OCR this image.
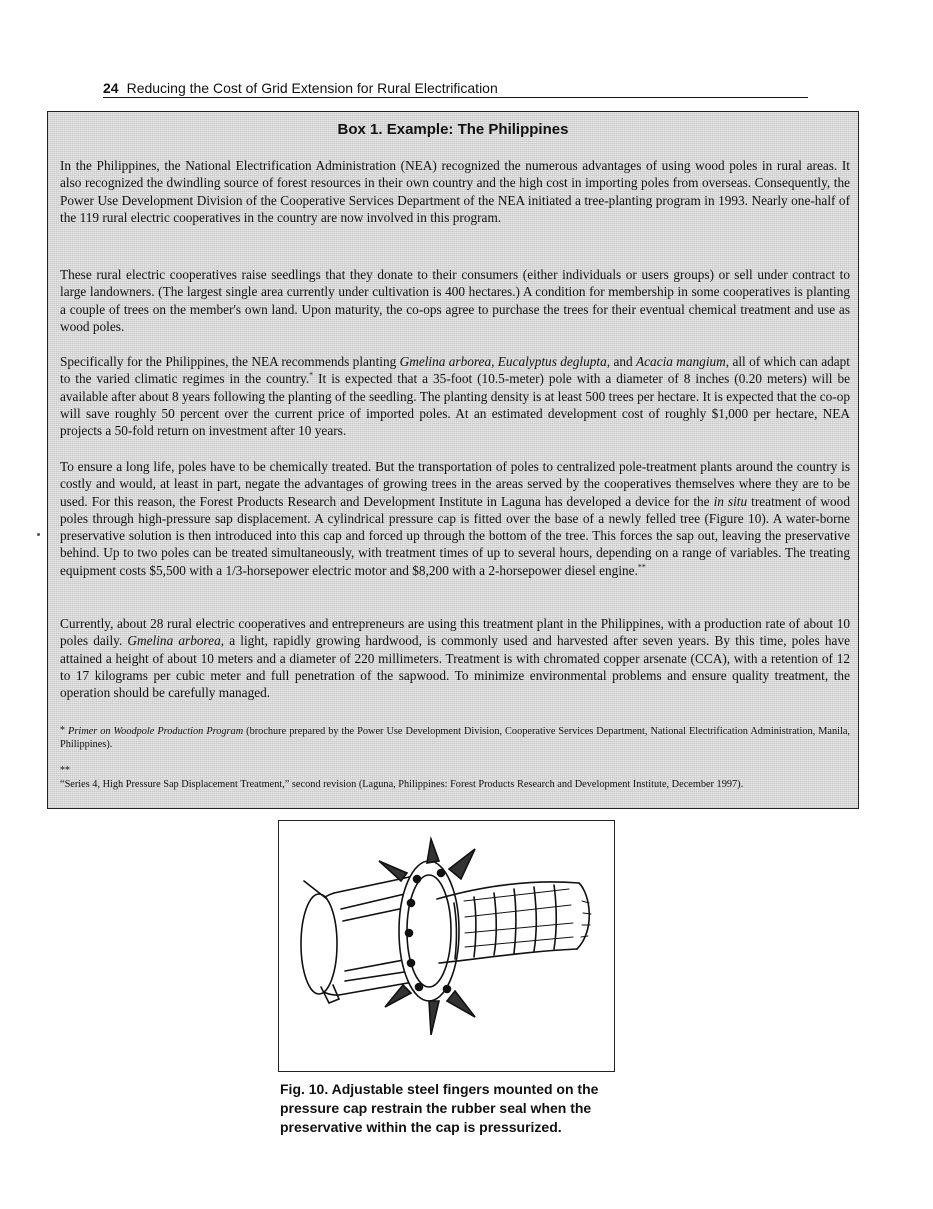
24 Reducing the Cost of Grid Extension for Rural Electrification
Box 1. Example: The Philippines

In the Philippines, the National Electrification Administration (NEA) recognized the numerous advantages of using wood poles in rural areas. It also recognized the dwindling source of forest resources in their own country and the high cost in importing poles from overseas. Consequently, the Power Use Development Division of the Cooperative Services Department of the NEA initiated a tree-planting program in 1993. Nearly one-half of the 119 rural electric cooperatives in the country are now involved in this program.

These rural electric cooperatives raise seedlings that they donate to their consumers (either individuals or users groups) or sell under contract to large landowners. (The largest single area currently under cultivation is 400 hectares.) A condition for membership in some cooperatives is planting a couple of trees on the member's own land. Upon maturity, the co-ops agree to purchase the trees for their eventual chemical treatment and use as wood poles.

Specifically for the Philippines, the NEA recommends planting Gmelina arborea, Eucalyptus deglupta, and Acacia mangium, all of which can adapt to the varied climatic regimes in the country.* It is expected that a 35-foot (10.5-meter) pole with a diameter of 8 inches (0.20 meters) will be available after about 8 years following the planting of the seedling. The planting density is at least 500 trees per hectare. It is expected that the co-op will save roughly 50 percent over the current price of imported poles. At an estimated development cost of roughly $1,000 per hectare, NEA projects a 50-fold return on investment after 10 years.

To ensure a long life, poles have to be chemically treated. But the transportation of poles to centralized pole-treatment plants around the country is costly and would, at least in part, negate the advantages of growing trees in the areas served by the cooperatives themselves where they are to be used. For this reason, the Forest Products Research and Development Institute in Laguna has developed a device for the in situ treatment of wood poles through high-pressure sap displacement. A cylindrical pressure cap is fitted over the base of a newly felled tree (Figure 10). A water-borne preservative solution is then introduced into this cap and forced up through the bottom of the tree. This forces the sap out, leaving the preservative behind. Up to two poles can be treated simultaneously, with treatment times of up to several hours, depending on a range of variables. The treating equipment costs $5,500 with a 1/3-horsepower electric motor and $8,200 with a 2-horsepower diesel engine.**

Currently, about 28 rural electric cooperatives and entrepreneurs are using this treatment plant in the Philippines, with a production rate of about 10 poles daily. Gmelina arborea, a light, rapidly growing hardwood, is commonly used and harvested after seven years. By this time, poles have attained a height of about 10 meters and a diameter of 220 millimeters. Treatment is with chromated copper arsenate (CCA), with a retention of 12 to 17 kilograms per cubic meter and full penetration of the sapwood. To minimize environmental problems and ensure quality treatment, the operation should be carefully managed.

* Primer on Woodpole Production Program (brochure prepared by the Power Use Development Division, Cooperative Services Department, National Electrification Administration, Manila, Philippines).

**
“Series 4, High Pressure Sap Displacement Treatment,” second revision (Laguna, Philippines: Forest Products Research and Development Institute, December 1997).

Fig. 10. Adjustable steel fingers mounted on the pressure cap restrain the rubber seal when the preservative within the cap is pressurized.
